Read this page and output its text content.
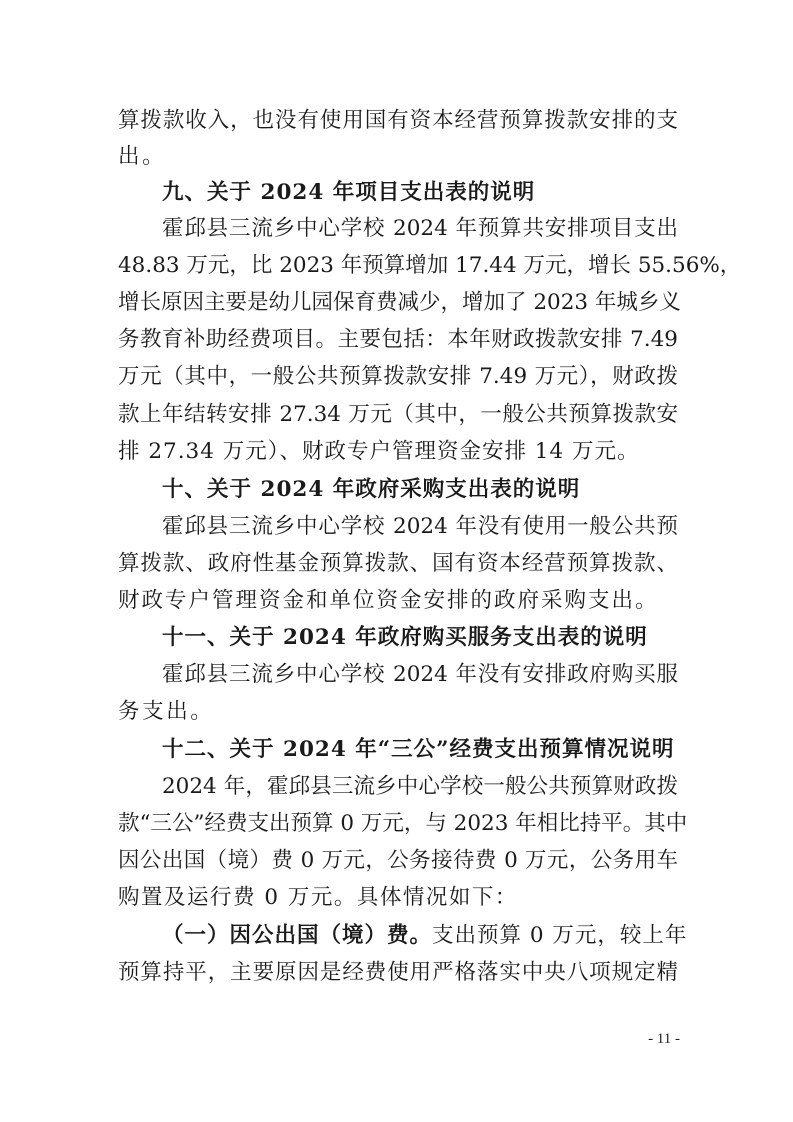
算拨款收入，也没有使用国有资本经营预算拨款安排的支
出。
九、关于 2024 年项目支出表的说明
霍邱县三流乡中心学校 2024 年预算共安排项目支出
48.83 万元，比 2023 年预算增加 17.44 万元，增长 55.56%，
增长原因主要是幼儿园保育费减少，增加了 2023 年城乡义
务教育补助经费项目。主要包括：本年财政拨款安排 7.49
万元（其中，一般公共预算拨款安排 7.49 万元），财政拨
款上年结转安排 27.34 万元（其中，一般公共预算拨款安
排 27.34 万元）、财政专户管理资金安排 14 万元。
十、关于 2024 年政府采购支出表的说明
霍邱县三流乡中心学校 2024 年没有使用一般公共预
算拨款、政府性基金预算拨款、国有资本经营预算拨款、
财政专户管理资金和单位资金安排的政府采购支出。
十一、关于 2024 年政府购买服务支出表的说明
霍邱县三流乡中心学校 2024 年没有安排政府购买服
务支出。
十二、关于 2024 年“三公”经费支出预算情况说明
2024 年，霍邱县三流乡中心学校一般公共预算财政拨
款“三公”经费支出预算 0 万元，与 2023 年相比持平。其中
因公出国（境）费 0 万元，公务接待费 0 万元，公务用车
购置及运行费 0 万元。具体情况如下：
（一）因公出国（境）费。支出预算 0 万元，较上年
预算持平，主要原因是经费使用严格落实中央八项规定精
- 11 -
